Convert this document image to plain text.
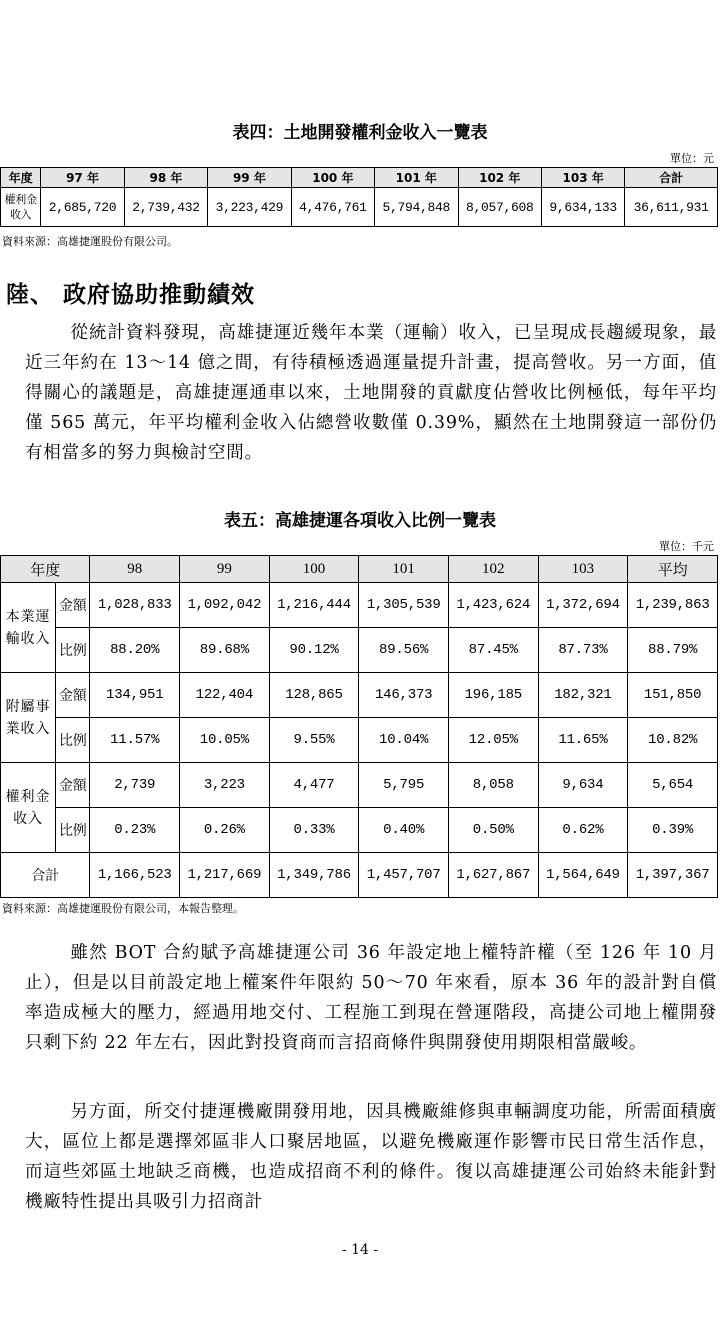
表四：土地開發權利金收入一覽表
單位：元
年度	97 年	98 年	99 年	100 年	101 年	102 年	103 年	合計
權利金
收入	2,685,720	2,739,432	3,223,429	4,476,761	5,794,848	8,057,608	9,634,133	36,611,931
資料來源：高雄捷運股份有限公司。
陸、 政府協助推動績效
從統計資料發現，高雄捷運近幾年本業（運輸）收入，已呈現成長趨緩現象，最近三年約在 13～14 億之間，有待積極透過運量提升計畫，提高營收。另一方面，值得關心的議題是，高雄捷運通車以來，土地開發的貢獻度佔營收比例極低，每年平均僅 565 萬元，年平均權利金收入佔總營收數僅 0.39%，顯然在土地開發這一部份仍有相當多的努力與檢討空間。
表五：高雄捷運各項收入比例一覽表
單位：千元
年度		98	99	100	101	102	103	平均
本業運
輸收入	金額	1,028,833	1,092,042	1,216,444	1,305,539	1,423,624	1,372,694	1,239,863
	比例	88.20%	89.68%	90.12%	89.56%	87.45%	87.73%	88.79%
附屬事
業收入	金額	134,951	122,404	128,865	146,373	196,185	182,321	151,850
	比例	11.57%	10.05%	9.55%	10.04%	12.05%	11.65%	10.82%
權利金
收入	金額	2,739	3,223	4,477	5,795	8,058	9,634	5,654
	比例	0.23%	0.26%	0.33%	0.40%	0.50%	0.62%	0.39%
合計		1,166,523	1,217,669	1,349,786	1,457,707	1,627,867	1,564,649	1,397,367
資料來源：高雄捷運股份有限公司，本報告整理。
雖然 BOT 合約賦予高雄捷運公司 36 年設定地上權特許權（至 126 年 10 月止），但是以目前設定地上權案件年限約 50～70 年來看，原本 36 年的設計對自償率造成極大的壓力，經過用地交付、工程施工到現在營運階段，高捷公司地上權開發只剩下約 22 年左右，因此對投資商而言招商條件與開發使用期限相當嚴峻。
另方面，所交付捷運機廠開發用地，因具機廠維修與車輛調度功能，所需面積廣大，區位上都是選擇郊區非人口聚居地區，以避免機廠運作影響市民日常生活作息，而這些郊區土地缺乏商機，也造成招商不利的條件。復以高雄捷運公司始終未能針對機廠特性提出具吸引力招商計
- 14 -
